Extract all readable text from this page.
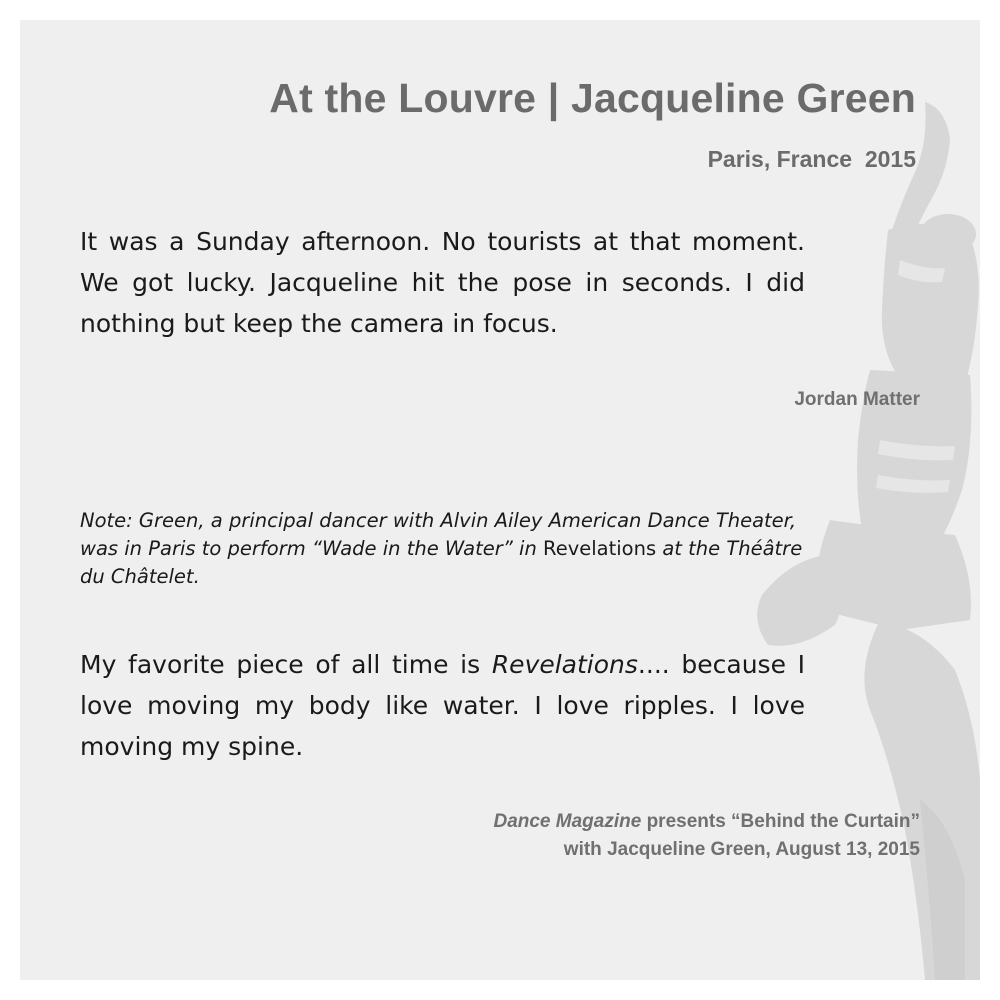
At the Louvre | Jacqueline Green
Paris, France 2015

It was a Sunday afternoon. No tourists at that moment. We got lucky. Jacqueline hit the pose in seconds. I did nothing but keep the camera in focus.

Jordan Matter

Note: Green, a principal dancer with Alvin Ailey American Dance Theater, was in Paris to perform “Wade in the Water” in Revelations at the Théâtre du Châtelet.

My favorite piece of all time is Revelations.... because I love moving my body like water. I love ripples. I love moving my spine.

Dance Magazine presents “Behind the Curtain”
with Jacqueline Green, August 13, 2015
